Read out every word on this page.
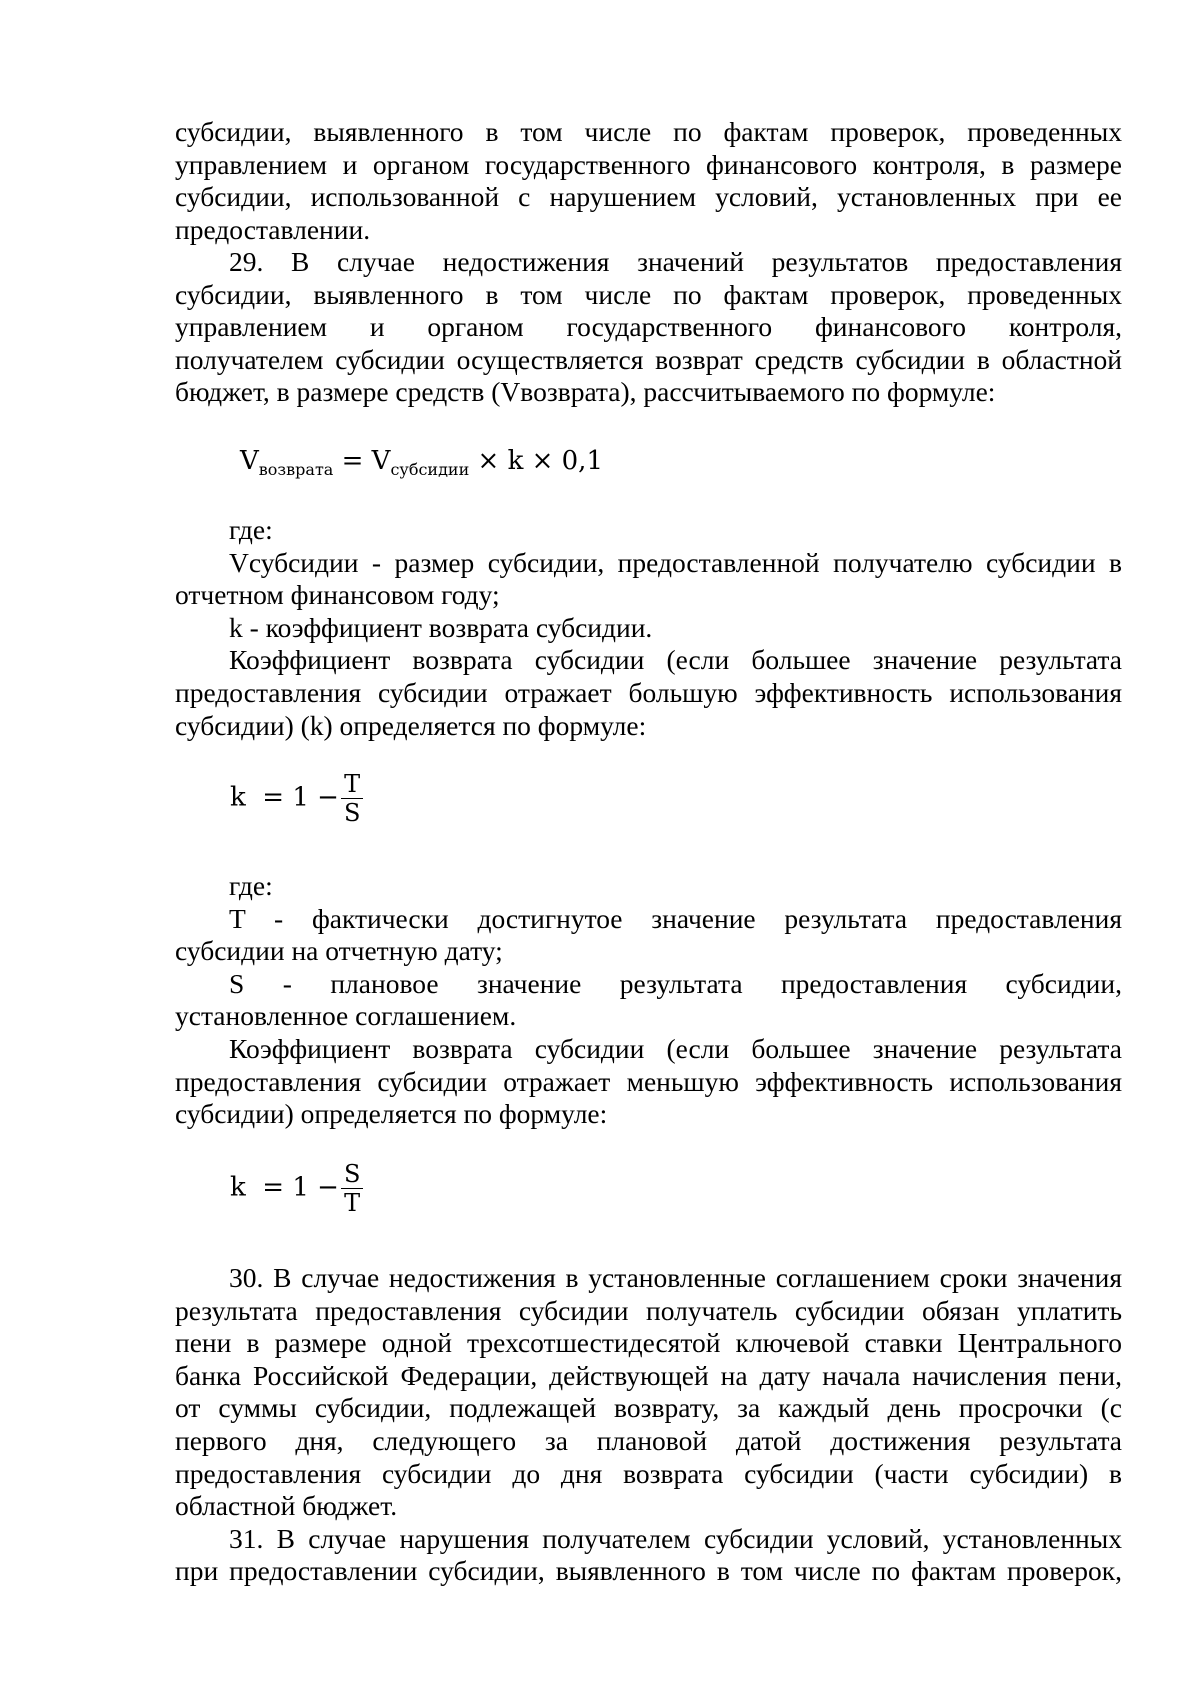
субсидии, выявленного в том числе по фактам проверок, проведенных
управлением и органом государственного финансового контроля, в размере
субсидии, использованной с нарушением условий, установленных при ее
предоставлении.
29. В случае недостижения значений результатов предоставления
субсидии, выявленного в том числе по фактам проверок, проведенных
управлением и органом государственного финансового контроля,
получателем субсидии осуществляется возврат средств субсидии в областной
бюджет, в размере средств (Vвозврата), рассчитываемого по формуле:
$V_{возврата} = V_{субсидии} \times k \times 0,1$
где:
Vсубсидии - размер субсидии, предоставленной получателю субсидии в
отчетном финансовом году;
k - коэффициент возврата субсидии.
Коэффициент возврата субсидии (если большее значение результата
предоставления субсидии отражает большую эффективность использования
субсидии) (k) определяется по формуле:
$k = 1 - \frac{T}{S}$
где:
T - фактически достигнутое значение результата предоставления
субсидии на отчетную дату;
S - плановое значение результата предоставления субсидии,
установленное соглашением.
Коэффициент возврата субсидии (если большее значение результата
предоставления субсидии отражает меньшую эффективность использования
субсидии) определяется по формуле:
$k = 1 - \frac{S}{T}$
30. В случае недостижения в установленные соглашением сроки значения
результата предоставления субсидии получатель субсидии обязан уплатить
пени в размере одной трехсотшестидесятой ключевой ставки Центрального
банка Российской Федерации, действующей на дату начала начисления пени,
от суммы субсидии, подлежащей возврату, за каждый день просрочки (с
первого дня, следующего за плановой датой достижения результата
предоставления субсидии до дня возврата субсидии (части субсидии) в
областной бюджет.
31. В случае нарушения получателем субсидии условий, установленных
при предоставлении субсидии, выявленного в том числе по фактам проверок,
